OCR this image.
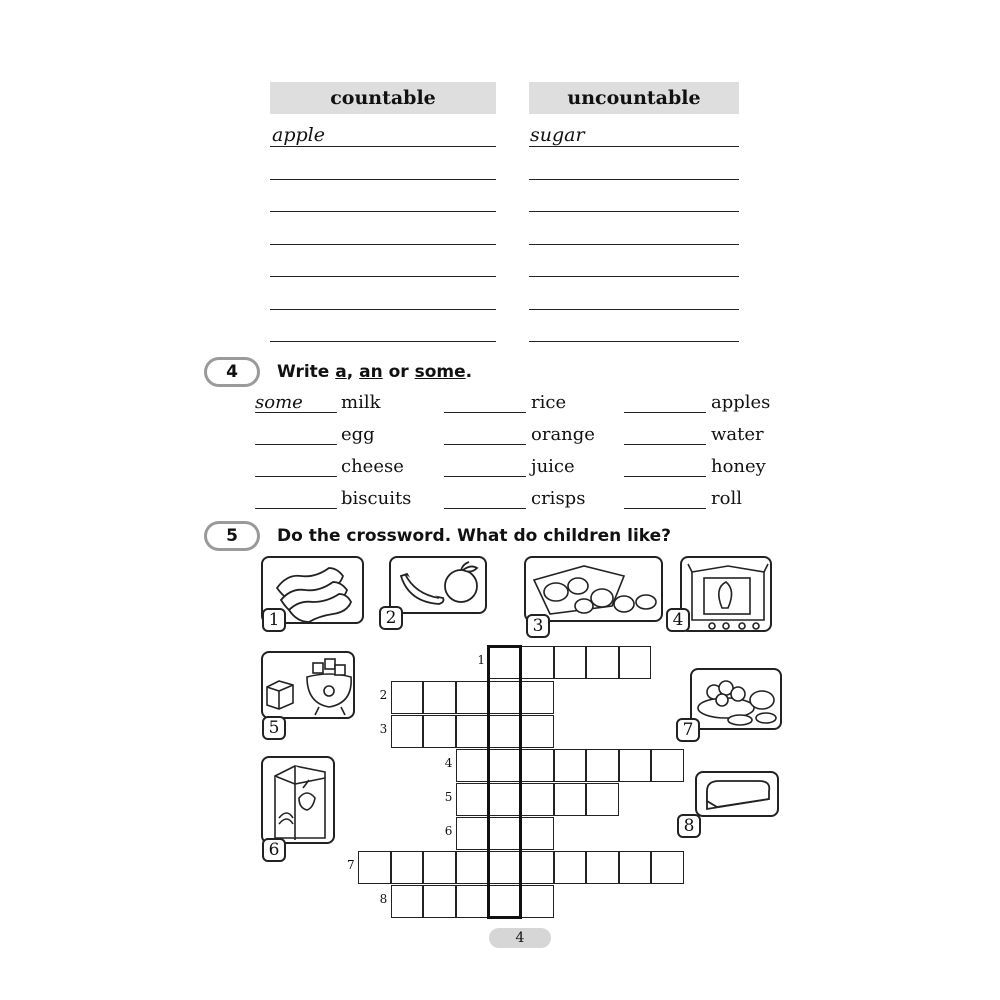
countable	uncountable
apple	sugar
4	Write a, an or some.
some milk	rice	apples
egg	orange	water
cheese	juice	honey
biscuits	crisps	roll
5	Do the crossword. What do children like?
1	2	3	4
5
6
7
8
1
2
3
4
5
6
7
8
4
